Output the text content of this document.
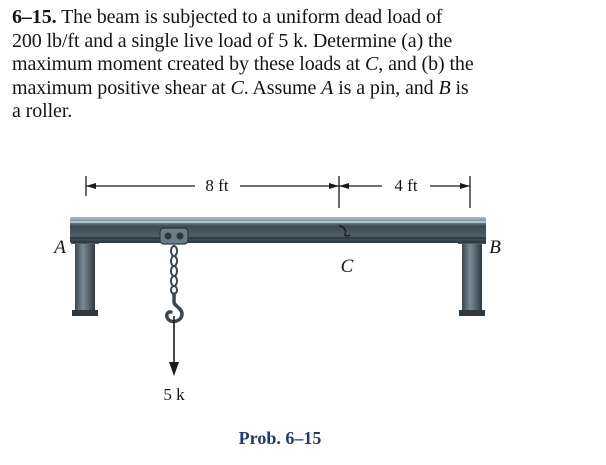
6–15. The beam is subjected to a uniform dead load of
200 lb/ft and a single live load of 5 k. Determine (a) the
maximum moment created by these loads at C, and (b) the
maximum positive shear at C. Assume A is a pin, and B is
a roller.
8 ft	4 ft
5 k
C
A	B
Prob. 6–15
